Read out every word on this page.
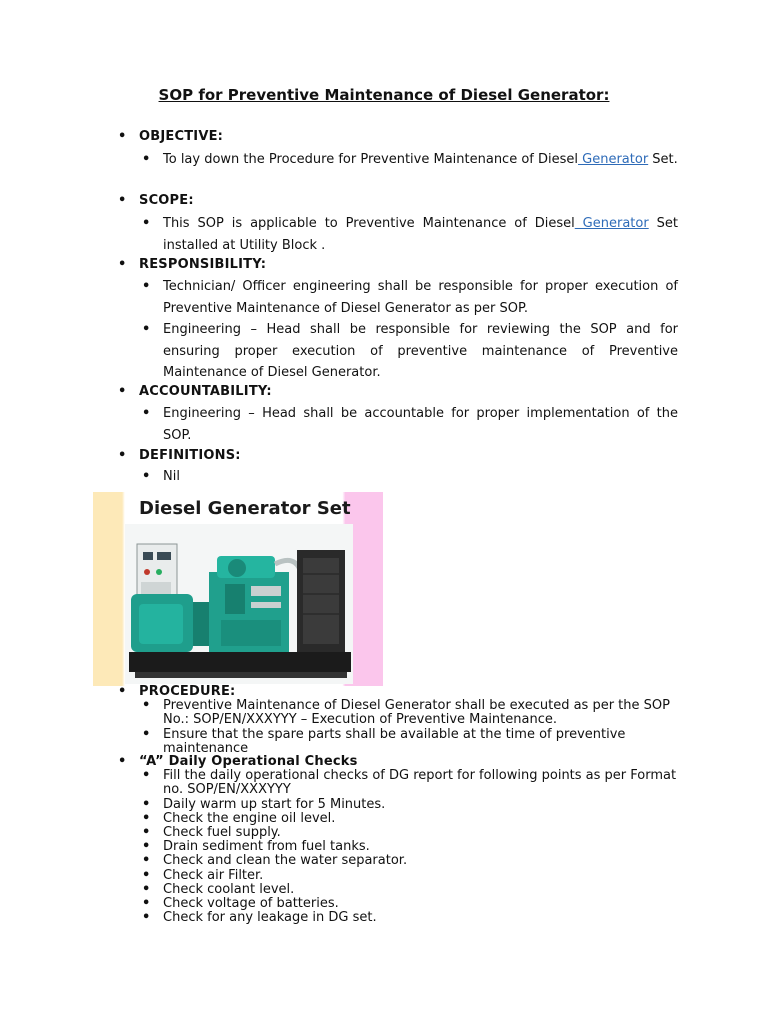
SOP for Preventive Maintenance of Diesel Generator:
• OBJECTIVE:
• To lay down the Procedure for Preventive Maintenance of Diesel Generator Set.
• SCOPE:
• This SOP is applicable to Preventive Maintenance of Diesel Generator Set installed at Utility Block .
• RESPONSIBILITY:
• Technician/ Officer engineering shall be responsible for proper execution of Preventive Maintenance of Diesel Generator as per SOP.
• Engineering – Head shall be responsible for reviewing the SOP and for ensuring proper execution of preventive maintenance of Preventive Maintenance of Diesel Generator.
• ACCOUNTABILITY:
• Engineering – Head shall be accountable for proper implementation of the SOP.
• DEFINITIONS:
• Nil
Diesel Generator Set
• PROCEDURE:
• Preventive Maintenance of Diesel Generator shall be executed as per the SOP No.: SOP/EN/XXXYYY – Execution of Preventive Maintenance.
• Ensure that the spare parts shall be available at the time of preventive maintenance
• “A” Daily Operational Checks
• Fill the daily operational checks of DG report for following points as per Format no. SOP/EN/XXXYYY
• Daily warm up start for 5 Minutes.
• Check the engine oil level.
• Check fuel supply.
• Drain sediment from fuel tanks.
• Check and clean the water separator.
• Check air Filter.
• Check coolant level.
• Check voltage of batteries.
• Check for any leakage in DG set.
